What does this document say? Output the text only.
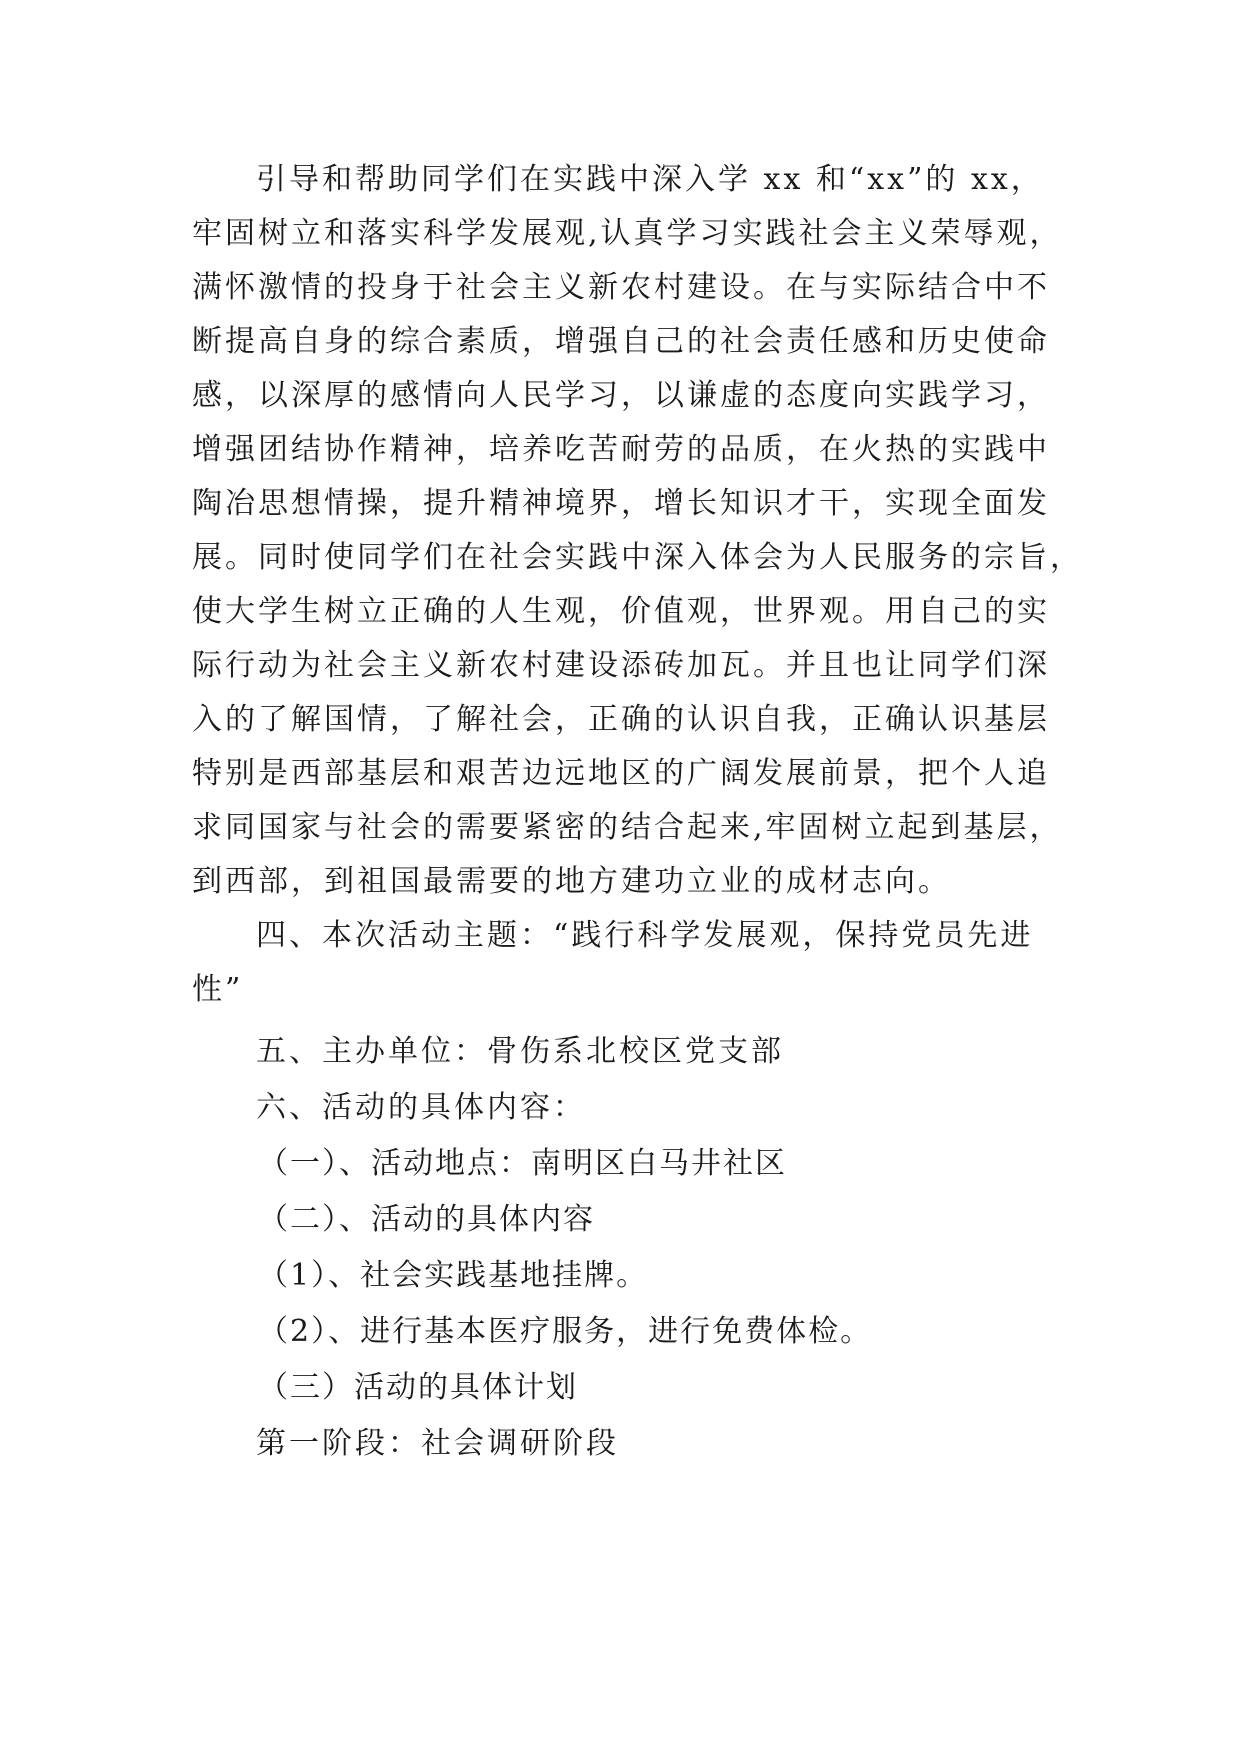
引导和帮助同学们在实践中深入学 xx 和“xx”的 xx，
牢固树立和落实科学发展观,认真学习实践社会主义荣辱观，
满怀激情的投身于社会主义新农村建设。在与实际结合中不
断提高自身的综合素质，增强自己的社会责任感和历史使命
感，以深厚的感情向人民学习，以谦虚的态度向实践学习，
增强团结协作精神，培养吃苦耐劳的品质，在火热的实践中
陶冶思想情操，提升精神境界，增长知识才干，实现全面发
展。同时使同学们在社会实践中深入体会为人民服务的宗旨，
使大学生树立正确的人生观，价值观，世界观。用自己的实
际行动为社会主义新农村建设添砖加瓦。并且也让同学们深
入的了解国情，了解社会，正确的认识自我，正确认识基层
特别是西部基层和艰苦边远地区的广阔发展前景，把个人追
求同国家与社会的需要紧密的结合起来,牢固树立起到基层，
到西部，到祖国最需要的地方建功立业的成材志向。
四、本次活动主题：“践行科学发展观，保持党员先进
性”
五、主办单位：骨伤系北校区党支部
六、活动的具体内容：
（一）、活动地点：南明区白马井社区
（二）、活动的具体内容
（1）、社会实践基地挂牌。
（2）、进行基本医疗服务，进行免费体检。
（三）活动的具体计划
第一阶段：社会调研阶段
